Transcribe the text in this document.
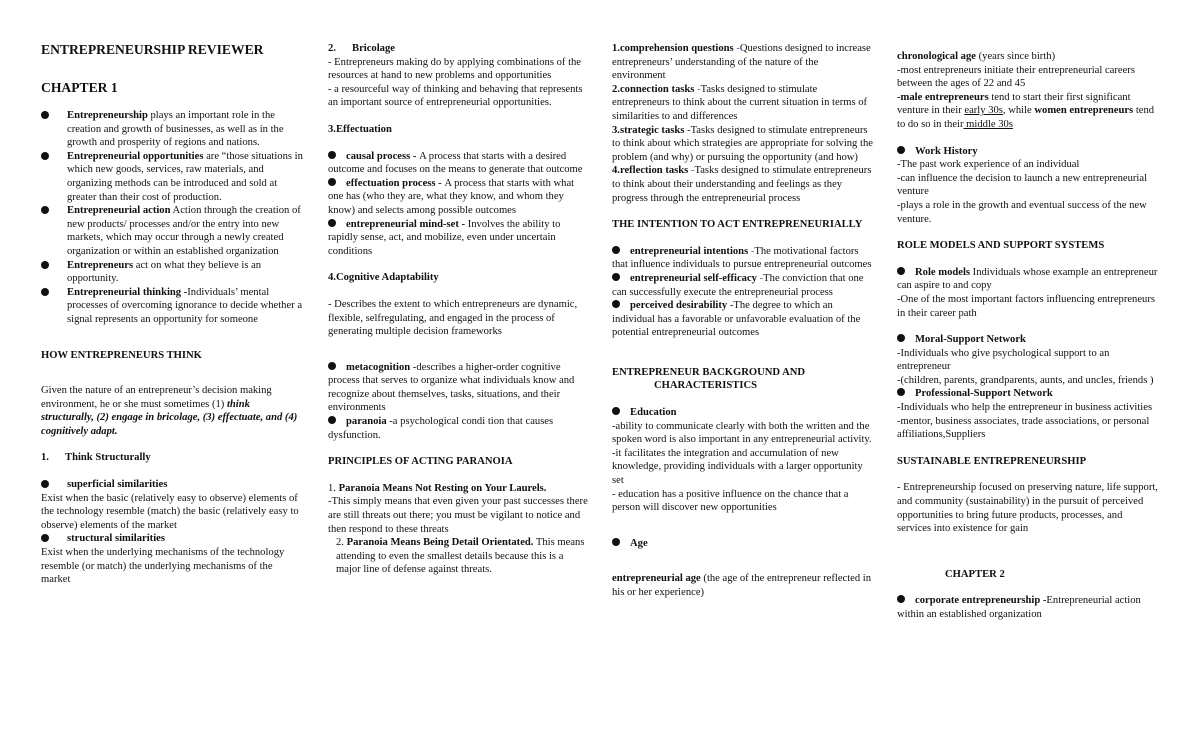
ENTREPRENEURSHIP REVIEWER

CHAPTER 1

Entrepreneurship plays an important role in the creation and growth of businesses, as well as in the growth and prosperity of regions and nations.
Entrepreneurial opportunities are “those situations in which new goods, services, raw materials, and organizing methods can be introduced and sold at greater than their cost of production.
Entrepreneurial action Action through the creation of new products/ processes and/or the entry into new markets, which may occur through a newly created organization or within an established organization
Entrepreneurs act on what they believe is an opportunity.
Entrepreneurial thinking -Individuals’ mental processes of overcoming ignorance to decide whether a signal represents an opportunity for someone

HOW ENTREPRENEURS THINK

Given the nature of an entrepreneur’s decision making environment, he or she must sometimes (1) think structurally, (2) engage in bricolage, (3) effectuate, and (4) cognitively adapt.

1. Think Structurally

superficial similarities

Exist when the basic (relatively easy to observe) elements of the technology resemble (match) the basic (relatively easy to observe) elements of the market

structural similarities

Exist when the underlying mechanisms of the technology resemble (or match) the underlying mechanisms of the market

2. Bricolage

- Entrepreneurs making do by applying combinations of the resources at hand to new problems and opportunities

- a resourceful way of thinking and behaving that represents an important source of entrepreneurial opportunities.

3.Effectuation

causal process - A process that starts with a desired outcome and focuses on the means to generate that outcome
effectuation process - A process that starts with what one has (who they are, what they know, and whom they know) and selects among possible outcomes
entrepreneurial mind-set - Involves the ability to rapidly sense, act, and mobilize, even under uncertain conditions

4.Cognitive Adaptability

- Describes the extent to which entrepreneurs are dynamic, flexible, selfregulating, and engaged in the process of generating multiple decision frameworks

metacognition -describes a higher-order cognitive process that serves to organize what individuals know and recognize about themselves, tasks, situations, and their environments
paranoia -a psychological condi tion that causes dysfunction.

PRINCIPLES OF ACTING PARANOIA

1. Paranoia Means Not Resting on Your Laurels.

-This simply means that even given your past successes there are still threats out there; you must be vigilant to notice and then respond to these threats

2. Paranoia Means Being Detail Orientated. This means attending to even the smallest details because this is a major line of defense against threats.

1.comprehension questions -Questions designed to increase entrepreneurs’ understanding of the nature of the environment

2.connection tasks -Tasks designed to stimulate entrepreneurs to think about the current situation in terms of similarities to and differences

3.strategic tasks -Tasks designed to stimulate entrepreneurs to think about which strategies are appropriate for solving the problem (and why) or pursuing the opportunity (and how)

4.reflection tasks -Tasks designed to stimulate entrepreneurs to think about their understanding and feelings as they progress through the entrepreneurial process

THE INTENTION TO ACT ENTREPRENEURIALLY

entrepreneurial intentions -The motivational factors that influence individuals to pursue entrepreneurial outcomes
entrepreneurial self-efficacy -The conviction that one can successfully execute the entrepreneurial process
perceived desirability -The degree to which an individual has a favorable or unfavorable evaluation of the potential entrepreneurial outcomes

ENTREPRENEUR BACKGROUND AND

CHARACTERISTICS

Education

-ability to communicate clearly with both the written and the spoken word is also important in any entrepreneurial activity.

-it facilitates the integration and accumulation of new knowledge, providing individuals with a larger opportunity set

- education has a positive influence on the chance that a person will discover new opportunities

Age

entrepreneurial age (the age of the entrepreneur reflected in his or her experience)

chronological age (years since birth)

-most entrepreneurs initiate their entrepreneurial careers between the ages of 22 and 45

-male entrepreneurs tend to start their first significant venture in their early 30s, while women entrepreneurs tend to do so in their middle 30s

Work History

-The past work experience of an individual

-can influence the decision to launch a new entrepreneurial venture

-plays a role in the growth and eventual success of the new venture.

ROLE MODELS AND SUPPORT SYSTEMS

Role models Individuals whose example an entrepreneur can aspire to and copy

-One of the most important factors influencing entrepreneurs in their career path

Moral-Support Network

-Individuals who give psychological support to an entrepreneur

-(children, parents, grandparents, aunts, and uncles, friends )

Professional-Support Network

-Individuals who help the entrepreneur in business activities

-mentor, business associates, trade associations, or personal affiliations,Suppliers

SUSTAINABLE ENTREPRENEURSHIP

- Entrepreneurship focused on preserving nature, life support, and community (sustainability) in the pursuit of perceived opportunities to bring future products, processes, and services into existence for gain

CHAPTER 2

corporate entrepreneurship -Entrepreneurial action within an established organization
